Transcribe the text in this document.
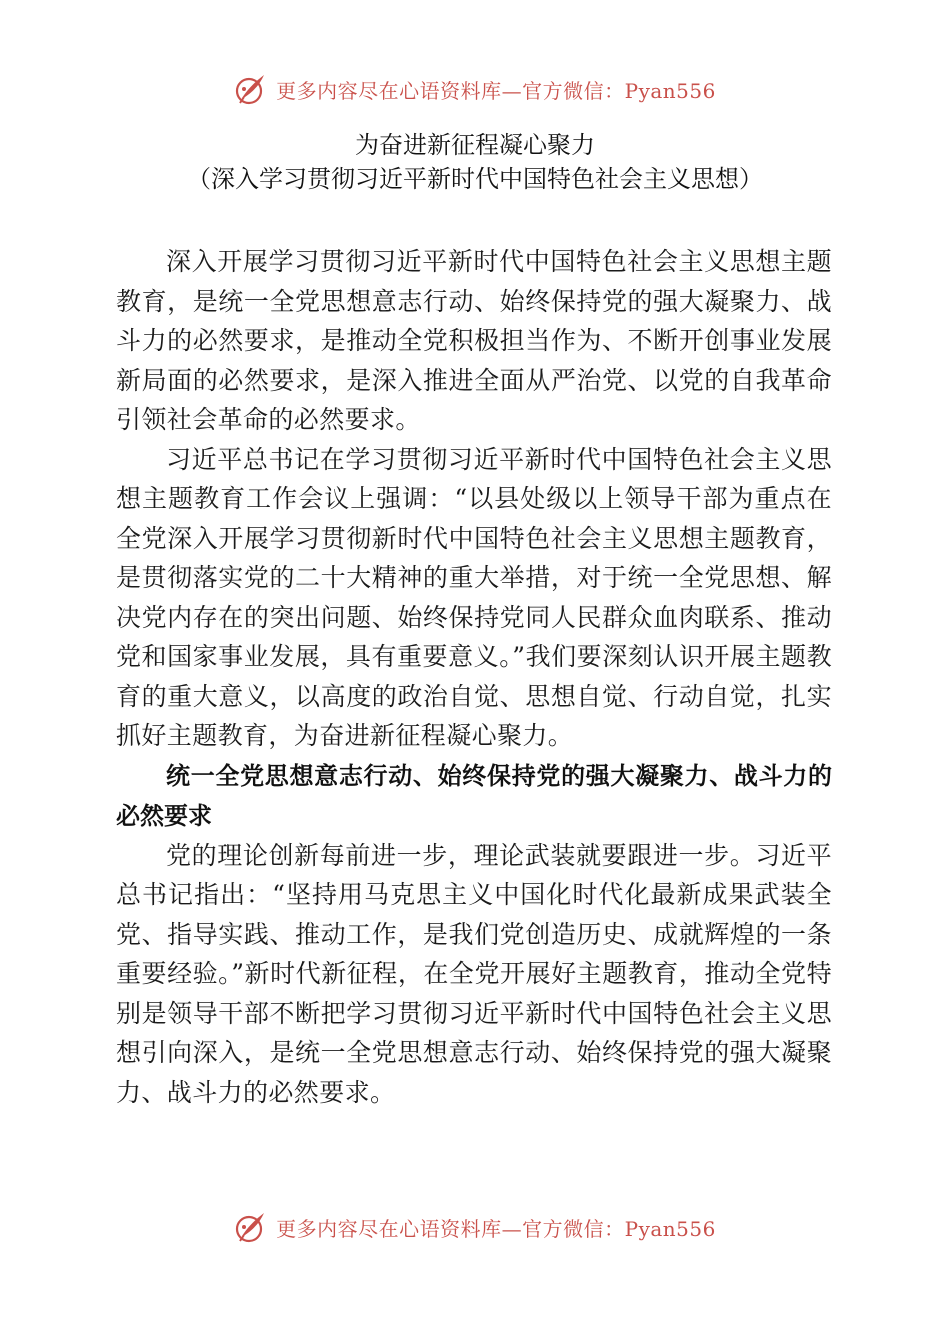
更多内容尽在心语资料库—官方微信：Pyan556
为奋进新征程凝心聚力
（深入学习贯彻习近平新时代中国特色社会主义思想）

深入开展学习贯彻习近平新时代中国特色社会主义思想主题教育，是统一全党思想意志行动、始终保持党的强大凝聚力、战斗力的必然要求，是推动全党积极担当作为、不断开创事业发展新局面的必然要求，是深入推进全面从严治党、以党的自我革命引领社会革命的必然要求。

习近平总书记在学习贯彻习近平新时代中国特色社会主义思想主题教育工作会议上强调：“以县处级以上领导干部为重点在全党深入开展学习贯彻新时代中国特色社会主义思想主题教育，是贯彻落实党的二十大精神的重大举措，对于统一全党思想、解决党内存在的突出问题、始终保持党同人民群众血肉联系、推动党和国家事业发展，具有重要意义。”我们要深刻认识开展主题教育的重大意义，以高度的政治自觉、思想自觉、行动自觉，扎实抓好主题教育，为奋进新征程凝心聚力。

统一全党思想意志行动、始终保持党的强大凝聚力、战斗力的必然要求

党的理论创新每前进一步，理论武装就要跟进一步。习近平总书记指出：“坚持用马克思主义中国化时代化最新成果武装全党、指导实践、推动工作，是我们党创造历史、成就辉煌的一条重要经验。”新时代新征程，在全党开展好主题教育，推动全党特别是领导干部不断把学习贯彻习近平新时代中国特色社会主义思想引向深入，是统一全党思想意志行动、始终保持党的强大凝聚力、战斗力的必然要求。

更多内容尽在心语资料库—官方微信：Pyan556
